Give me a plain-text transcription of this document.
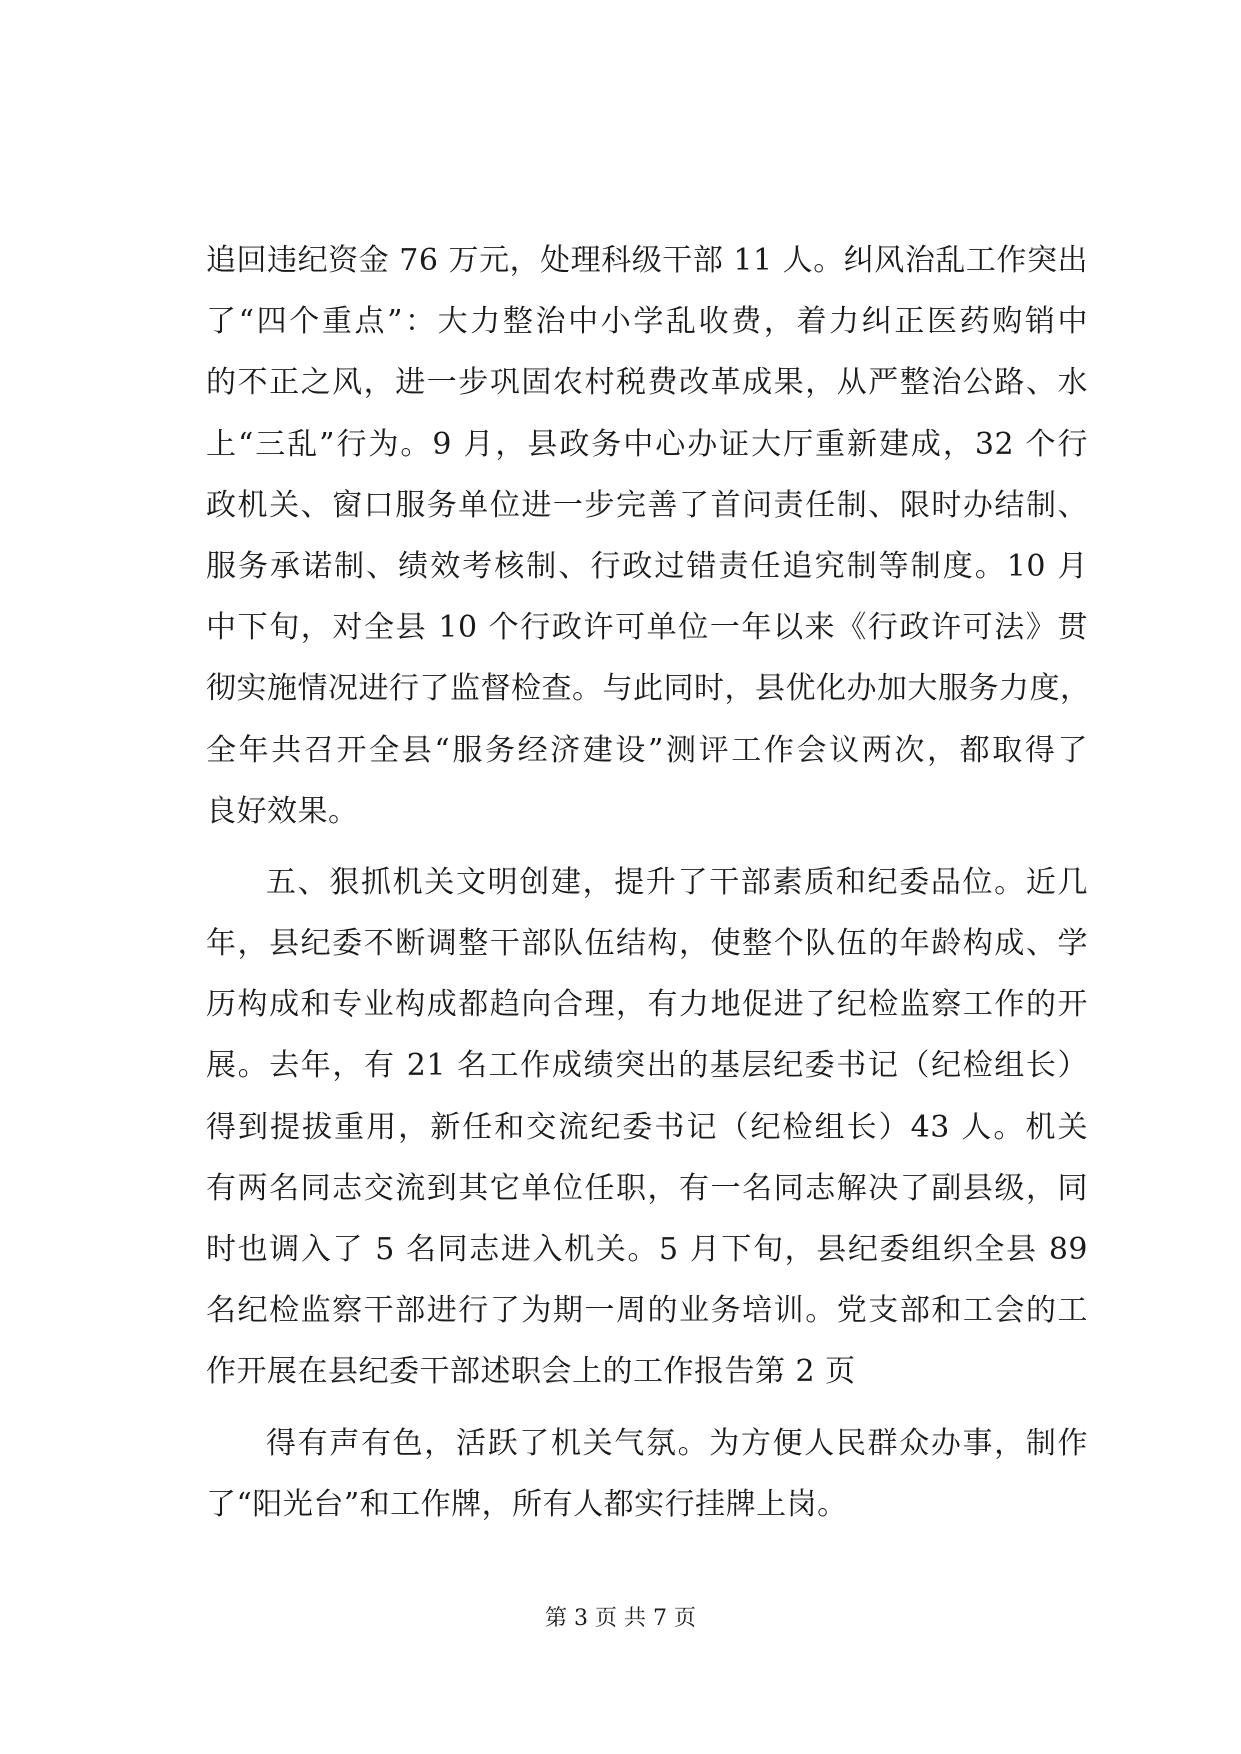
追回违纪资金 76 万元，处理科级干部 11 人。纠风治乱工作突出
了“四个重点”：大力整治中小学乱收费，着力纠正医药购销中
的不正之风，进一步巩固农村税费改革成果，从严整治公路、水
上“三乱”行为。9 月，县政务中心办证大厅重新建成，32 个行
政机关、窗口服务单位进一步完善了首问责任制、限时办结制、
服务承诺制、绩效考核制、行政过错责任追究制等制度。10 月
中下旬，对全县 10 个行政许可单位一年以来《行政许可法》贯
彻实施情况进行了监督检查。与此同时，县优化办加大服务力度，
全年共召开全县“服务经济建设”测评工作会议两次，都取得了
良好效果。
五、狠抓机关文明创建，提升了干部素质和纪委品位。近几
年，县纪委不断调整干部队伍结构，使整个队伍的年龄构成、学
历构成和专业构成都趋向合理，有力地促进了纪检监察工作的开
展。去年，有 21 名工作成绩突出的基层纪委书记（纪检组长）
得到提拔重用，新任和交流纪委书记（纪检组长）43 人。机关
有两名同志交流到其它单位任职，有一名同志解决了副县级，同
时也调入了 5 名同志进入机关。5 月下旬，县纪委组织全县 89
名纪检监察干部进行了为期一周的业务培训。党支部和工会的工
作开展在县纪委干部述职会上的工作报告第 2 页
得有声有色，活跃了机关气氛。为方便人民群众办事，制作
了“阳光台”和工作牌，所有人都实行挂牌上岗。
第 3 页 共 7 页
